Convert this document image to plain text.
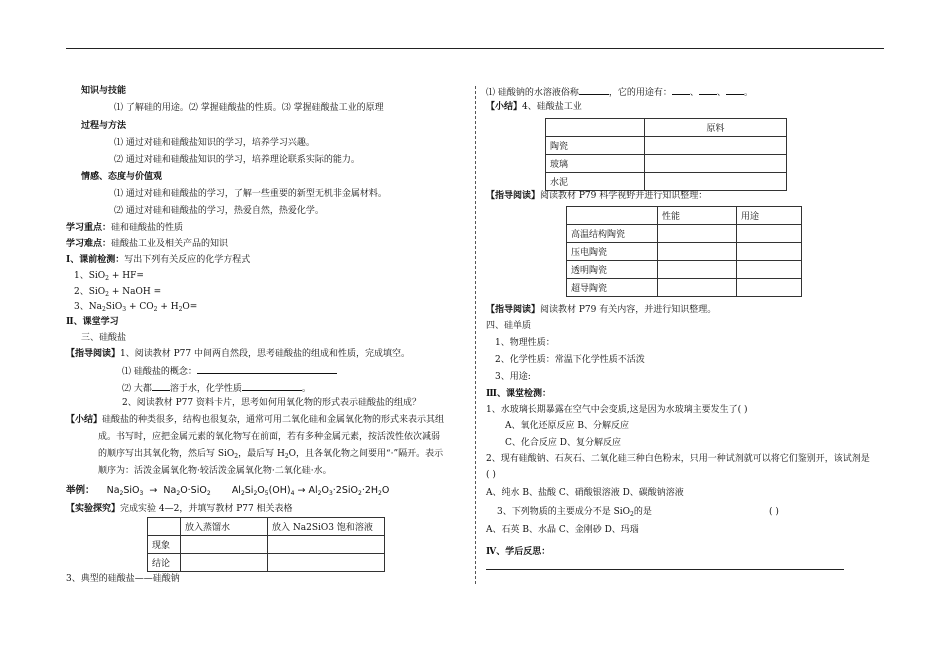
知识与技能
⑴ 了解硅的用途。⑵ 掌握硅酸盐的性质。⑶ 掌握硅酸盐工业的原理
过程与方法
⑴ 通过对硅和硅酸盐知识的学习，培养学习兴趣。
⑵ 通过对硅和硅酸盐知识的学习，培养理论联系实际的能力。
情感、态度与价值观
⑴ 通过对硅和硅酸盐的学习，了解一些重要的新型无机非金属材料。
⑵ 通过对硅和硅酸盐的学习，热爱自然，热爱化学。
学习重点：硅和硅酸盐的性质
学习难点：硅酸盐工业及相关产品的知识
Ⅰ、课前检测：写出下列有关反应的化学方程式
1、SiO$_2$ + HF=
2、SiO$_2$ + NaOH =
3、$Na_2SiO_3 + CO_2 + H_2O=$
Ⅱ、课堂学习
三、硅酸盐
【指导阅读】1、阅读教材 P77 中间两自然段，思考硅酸盐的组成和性质，完成填空。
⑴ 硅酸盐的概念：
⑵ 大都 溶于水，化学性质	。
2、阅读教材 P77 资料卡片，思考如何用氧化物的形式表示硅酸盐的组成？
【小结】硅酸盐的种类很多，结构也很复杂，通常可用二氧化硅和金属氧化物的形式来表示其组
成。书写时，应把金属元素的氧化物写在前面，若有多种金属元素，按活泼性依次减弱
的顺序写出其氧化物，然后写 SiO$_2$，最后写 $H_2O$，且各氧化物之间要用“·”隔开。表示
顺序为：活泼金属氧化物·较活泼金属氧化物·二氧化硅·水。
举例： $Na_2SiO_3 \to Na_2O\cdot SiO_2$ $Al_2Si_2O_5(OH)_4 \to Al_2O_3\cdot 2SiO_2\cdot 2H_2O$
【实验探究】完成实验 4—2，并填写教材 P77 相关表格
	放入蒸馏水	放入 Na2SiO3 饱和溶液
现象		
结论		
3、典型的硅酸盐——硅酸钠
⑴ 硅酸钠的水溶液俗称	，它的用途有： 、 、 。
【小结】4、硅酸盐工业
	原料
陶瓷	
玻璃	
水泥	
【指导阅读】阅读教材 P79 科学视野并进行知识整理：
	性能	用途
高温结构陶瓷		
压电陶瓷		
透明陶瓷		
超导陶瓷		
【指导阅读】阅读教材 P79 有关内容，并进行知识整理。
四、硅单质
1、物理性质：
2、化学性质：常温下化学性质不活泼
3、用途:
Ⅲ、课堂检测：
1、水玻璃长期暴露在空气中会变质,这是因为水玻璃主要发生了( )
A、氧化还原反应 B、分解反应
C、化合反应 D、复分解反应
2、现有硅酸钠、石灰石、二氧化硅三种白色粉末，只用一种试剂就可以将它们鉴别开，该试剂是
( )
A、纯水 B、盐酸 C、硝酸银溶液 D、碳酸钠溶液
3、下列物质的主要成分不是 SiO$_2$的是	( )
A、石英 B、水晶 C、金刚砂 D、玛瑙
Ⅳ、学后反思：
